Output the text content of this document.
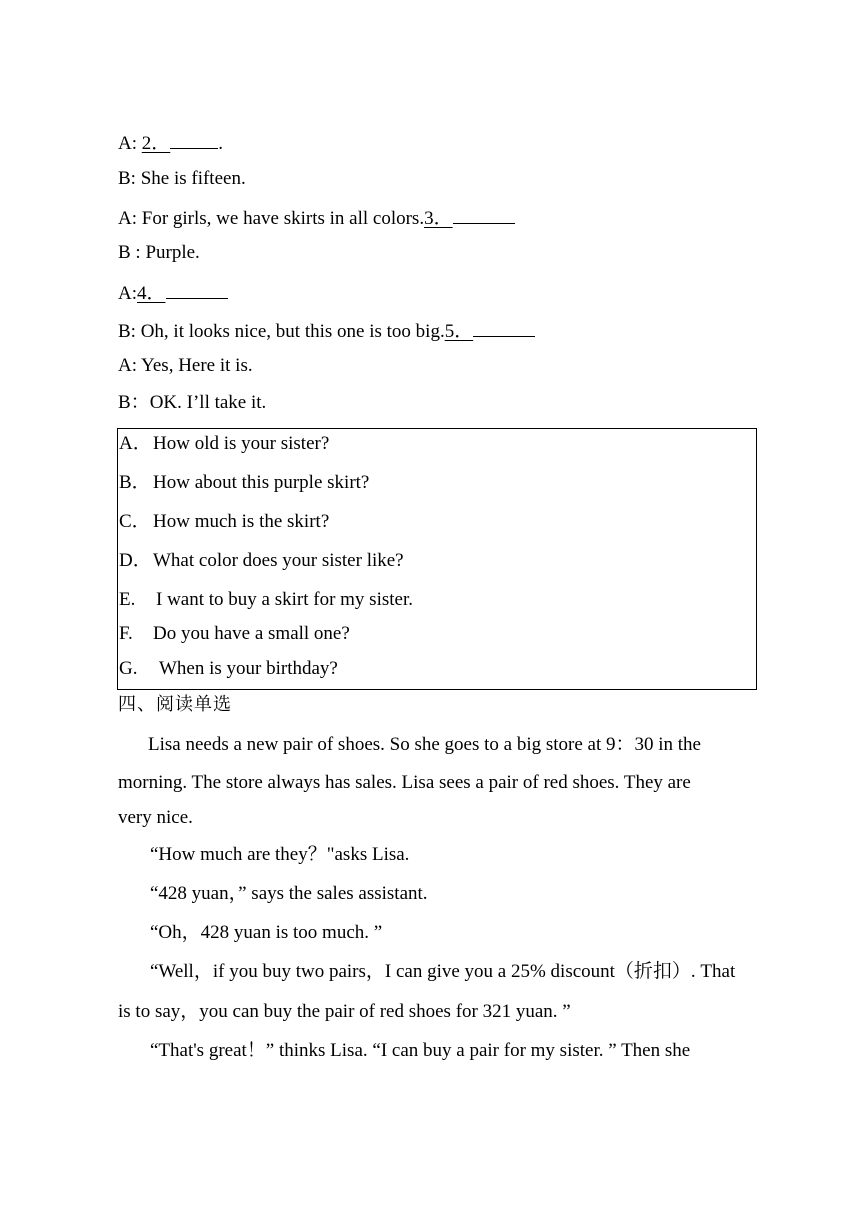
A: 2．	.
B: She is fifteen.
A: For girls, we have skirts in all colors.3．
B : Purple.
A:4．
B: Oh, it looks nice, but this one is too big.5．
A: Yes, Here it is.
B：OK. I’ll take it.
A．How old is your sister?
B． How about this purple skirt?
C． How much is the skirt?
D．What color does your sister like?
E. I want to buy a skirt for my sister.
F. Do you have a small one?
G. When is your birthday?
四、阅读单选
Lisa needs a new pair of shoes. So she goes to a big store at 9：30 in the
morning. The store always has sales. Lisa sees a pair of red shoes. They are
very nice.
“How much are they？"asks Lisa.
“428 yuan，” says the sales assistant.
“Oh，428 yuan is too much. ”
“Well，if you buy two pairs，I can give you a 25% discount（折扣）. That
is to say，you can buy the pair of red shoes for 321 yuan. ”
“That's great！” thinks Lisa. “I can buy a pair for my sister. ” Then she
